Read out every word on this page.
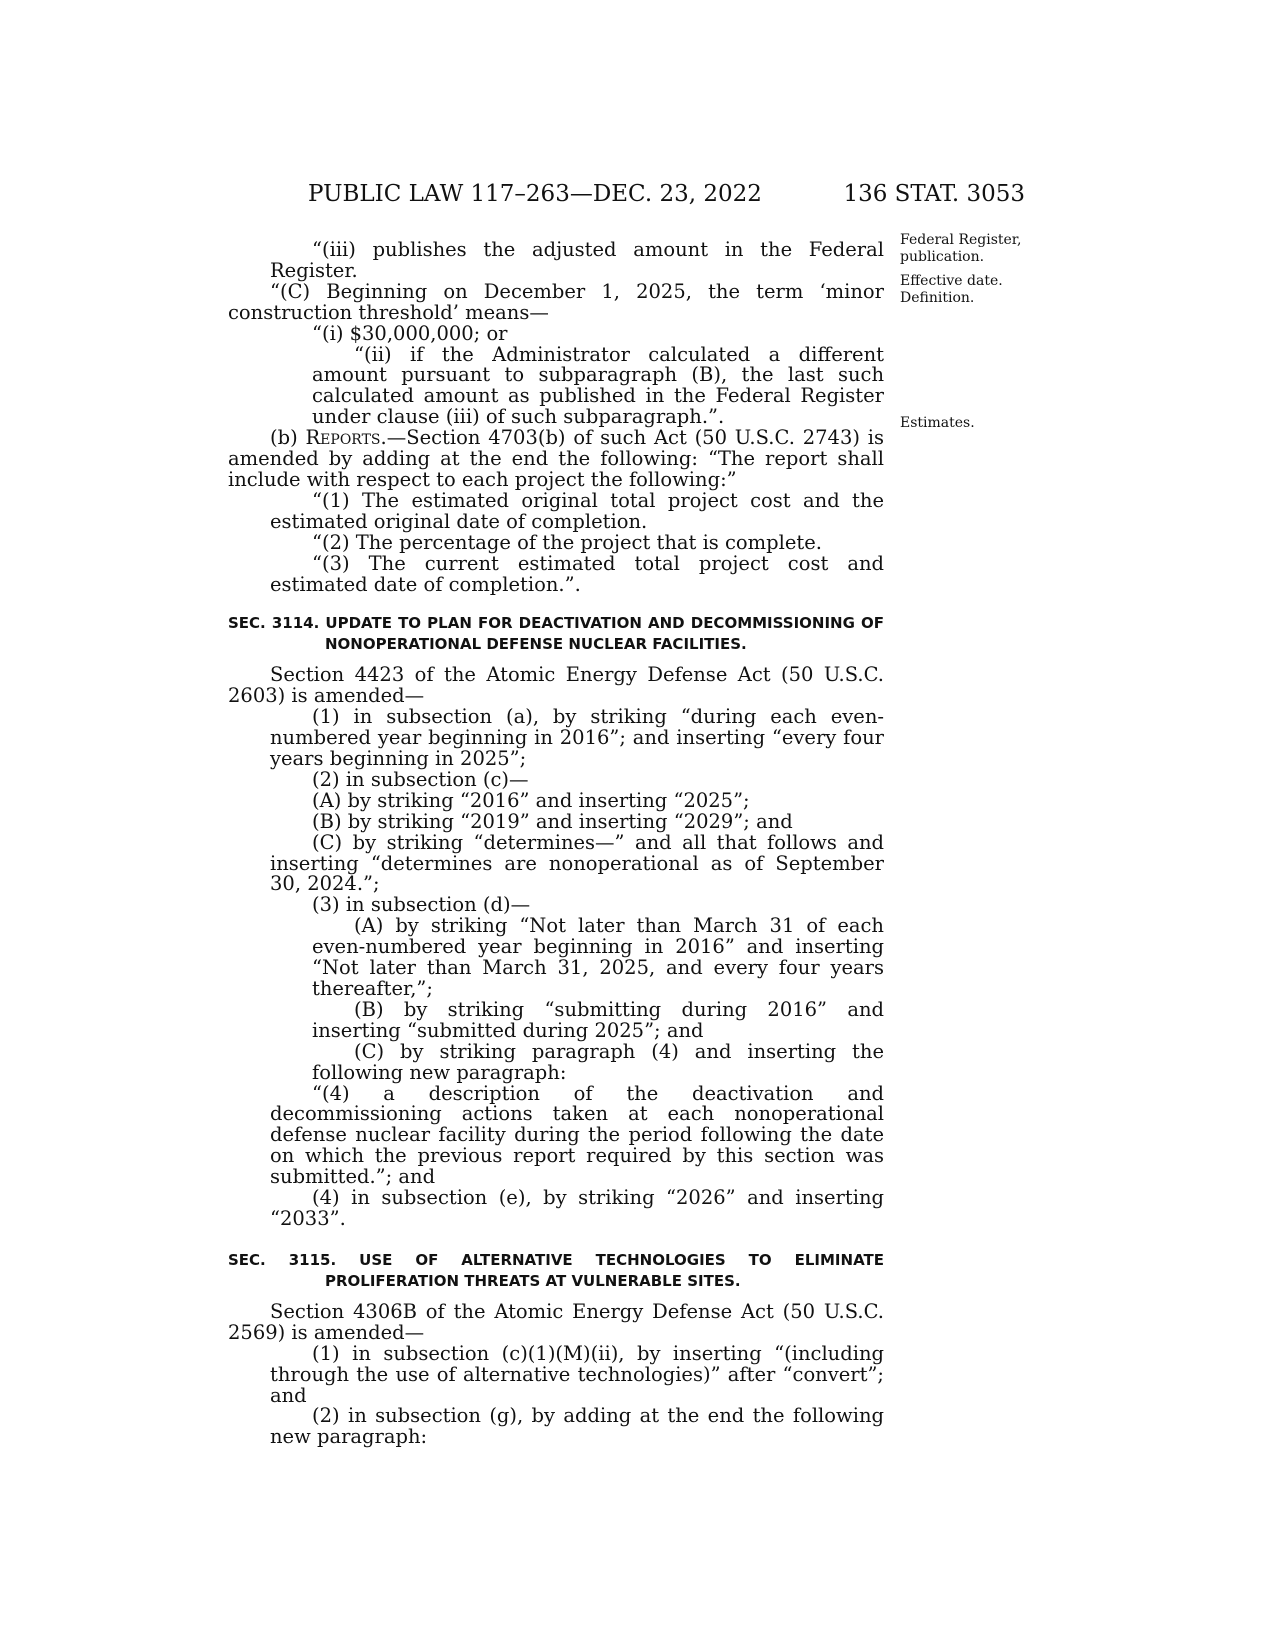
PUBLIC LAW 117–263—DEC. 23, 2022	136 STAT. 3053
Federal Register,
publication.
Effective date.
Definition.
Estimates.

“(iii) publishes the adjusted amount in the Federal Register.

“(C) Beginning on December 1, 2025, the term ‘minor construction threshold’ means—

“(i) $30,000,000; or

“(ii) if the Administrator calculated a different amount pursuant to subparagraph (B), the last such calculated amount as published in the Federal Register under clause (iii) of such subparagraph.”.

(b) Reports.—Section 4703(b) of such Act (50 U.S.C. 2743) is amended by adding at the end the following: “The report shall include with respect to each project the following:”

“(1) The estimated original total project cost and the estimated original date of completion.

“(2) The percentage of the project that is complete.

“(3) The current estimated total project cost and estimated date of completion.”.

SEC. 3114. UPDATE TO PLAN FOR DEACTIVATION AND DECOMMISSIONING OF NONOPERATIONAL DEFENSE NUCLEAR FACILITIES.

Section 4423 of the Atomic Energy Defense Act (50 U.S.C. 2603) is amended—

(1) in subsection (a), by striking “during each even-numbered year beginning in 2016”; and inserting “every four years beginning in 2025”;

(2) in subsection (c)—

(A) by striking “2016” and inserting “2025”;

(B) by striking “2019” and inserting “2029”; and

(C) by striking “determines—” and all that follows and inserting “determines are nonoperational as of September 30, 2024.”;

(3) in subsection (d)—

(A) by striking “Not later than March 31 of each even-numbered year beginning in 2016” and inserting “Not later than March 31, 2025, and every four years thereafter,”;

(B) by striking “submitting during 2016” and inserting “submitted during 2025”; and

(C) by striking paragraph (4) and inserting the following new paragraph:

“(4) a description of the deactivation and decommissioning actions taken at each nonoperational defense nuclear facility during the period following the date on which the previous report required by this section was submitted.”; and

(4) in subsection (e), by striking “2026” and inserting “2033”.

SEC. 3115. USE OF ALTERNATIVE TECHNOLOGIES TO ELIMINATE PROLIFERATION THREATS AT VULNERABLE SITES.

Section 4306B of the Atomic Energy Defense Act (50 U.S.C. 2569) is amended—

(1) in subsection (c)(1)(M)(ii), by inserting “(including through the use of alternative technologies)” after “convert”; and

(2) in subsection (g), by adding at the end the following new paragraph:
